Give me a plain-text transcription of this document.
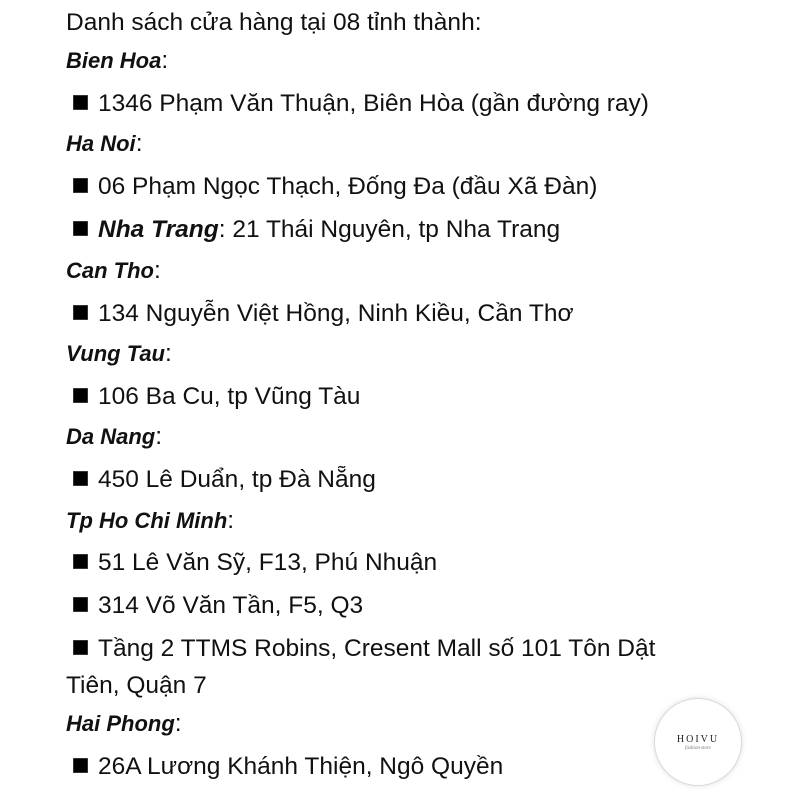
Danh sách cửa hàng tại 08 tỉnh thành:
Bien Hoa:
1346 Phạm Văn Thuận, Biên Hòa (gần đường ray)
Ha Noi:
06 Phạm Ngọc Thạch, Đống Đa (đầu Xã Đàn)
Nha Trang: 21 Thái Nguyên, tp Nha Trang
Can Tho:
134 Nguyễn Việt Hồng, Ninh Kiều, Cần Thơ
Vung Tau:
106 Ba Cu, tp Vũng Tàu
Da Nang:
450 Lê Duẩn, tp Đà Nẵng
Tp Ho Chi Minh:
51 Lê Văn Sỹ, F13, Phú Nhuận
314 Võ Văn Tần, F5, Q3
Tầng 2 TTMS Robins, Cresent Mall số 101 Tôn Dật
Tiên, Quận 7
Hai Phong:
26A Lương Khánh Thiện, Ngô Quyền
HOIVU
fashion·store
